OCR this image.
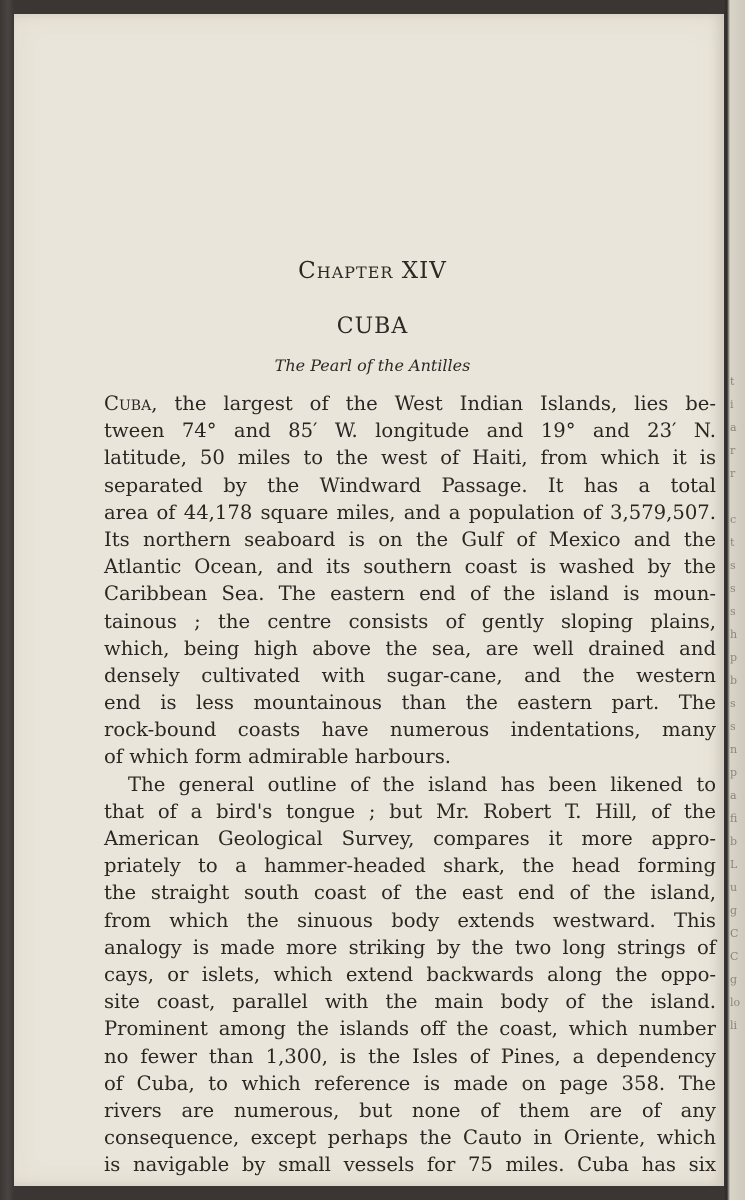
t
i
a
r
r

c
t
s
s
s
h
p
b
s
s
n
p
a
fi
b
L
u
g
C
C
g
lo
li
Chapter XIV
CUBA
The Pearl of the Antilles
Cuba, the largest of the West Indian Islands, lies be-
tween 74° and 85′ W. longitude and 19° and 23′ N.
latitude, 50 miles to the west of Haiti, from which it is
separated by the Windward Passage. It has a total
area of 44,178 square miles, and a population of 3,579,507.
Its northern seaboard is on the Gulf of Mexico and the
Atlantic Ocean, and its southern coast is washed by the
Caribbean Sea. The eastern end of the island is moun-
tainous ; the centre consists of gently sloping plains,
which, being high above the sea, are well drained and
densely cultivated with sugar-cane, and the western
end is less mountainous than the eastern part. The
rock-bound coasts have numerous indentations, many
of which form admirable harbours.
The general outline of the island has been likened to
that of a bird's tongue ; but Mr. Robert T. Hill, of the
American Geological Survey, compares it more appro-
priately to a hammer-headed shark, the head forming
the straight south coast of the east end of the island,
from which the sinuous body extends westward. This
analogy is made more striking by the two long strings of
cays, or islets, which extend backwards along the oppo-
site coast, parallel with the main body of the island.
Prominent among the islands off the coast, which number
no fewer than 1,300, is the Isles of Pines, a dependency
of Cuba, to which reference is made on page 358. The
rivers are numerous, but none of them are of any
consequence, except perhaps the Cauto in Oriente, which
is navigable by small vessels for 75 miles. Cuba has six
